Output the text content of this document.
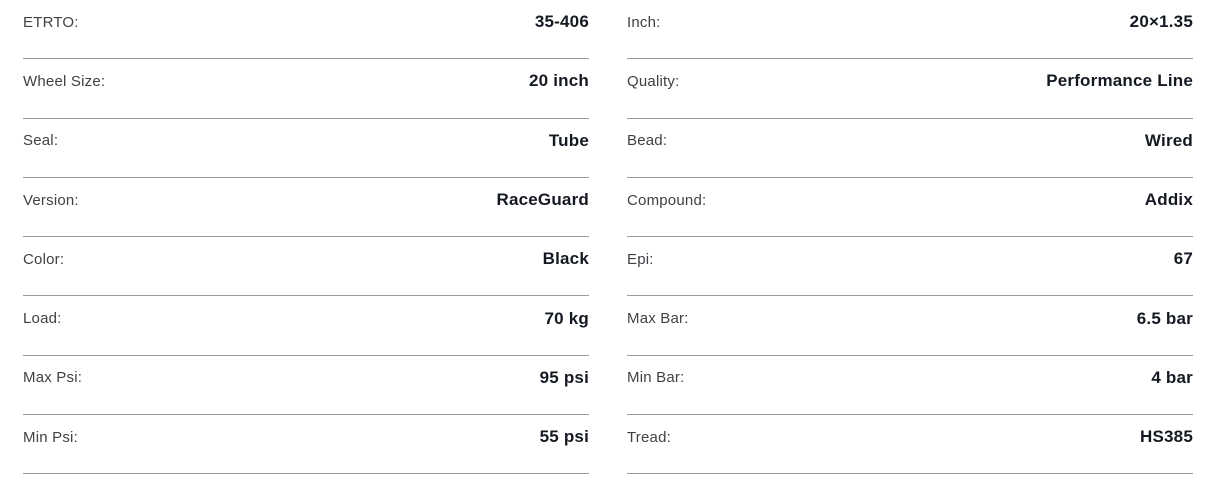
ETRTO:	35-406
Wheel Size:	20 inch
Seal:	Tube
Version:	RaceGuard
Color:	Black
Load:	70 kg
Max Psi:	95 psi
Min Psi:	55 psi
Inch:	20×1.35
Quality:	Performance Line
Bead:	Wired
Compound:	Addix
Epi:	67
Max Bar:	6.5 bar
Min Bar:	4 bar
Tread:	HS385
